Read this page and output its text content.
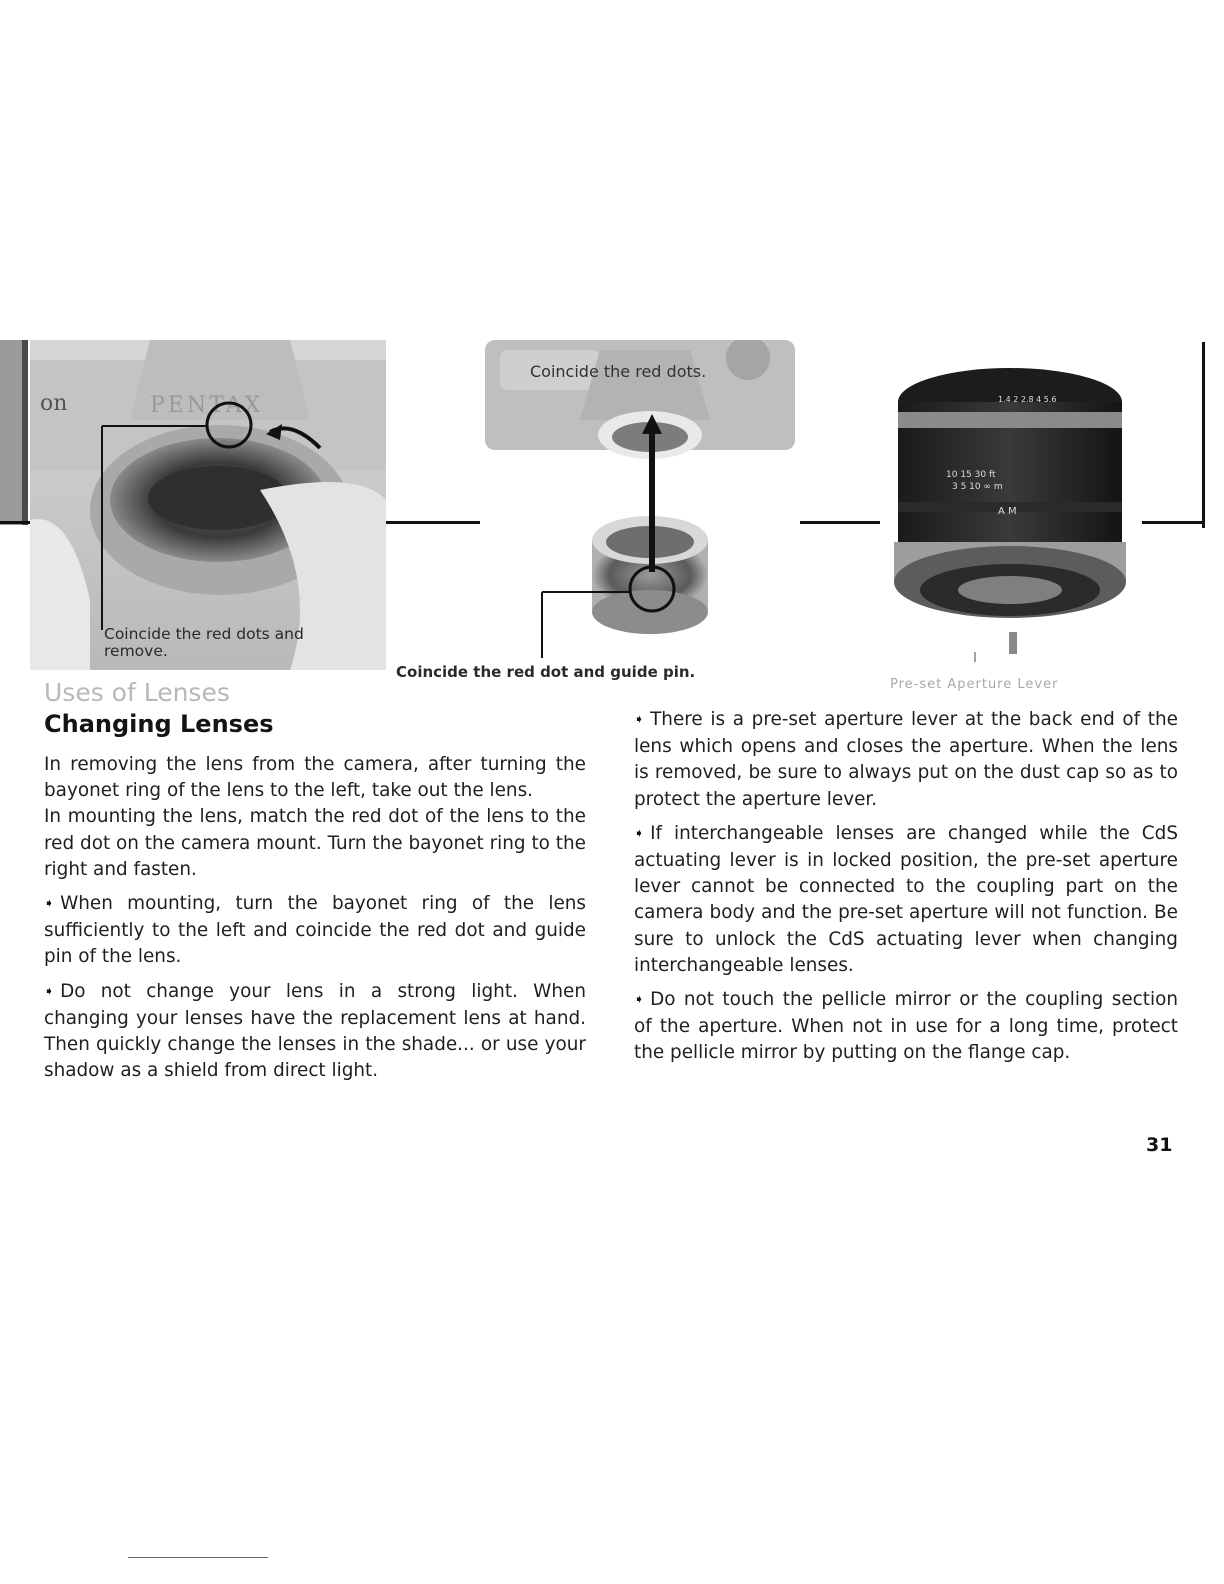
on	PENTAX
Coincide the red dots and remove.
Coincide the red dots.
Coincide the red dot and guide pin.
1.4 2 2.8 4 5.6
10 15 30 ft
3 5 10 ∞ m
A M
Pre-set Aperture Lever
Uses of Lenses
Changing Lenses

In removing the lens from the camera, after turning the bayonet ring of the lens to the left, take out the lens.

In mounting the lens, match the red dot of the lens to the red dot on the camera mount. Turn the bayonet ring to the right and fasten.

➧ When mounting, turn the bayonet ring of the lens sufficiently to the left and coincide the red dot and guide pin of the lens.

➧ Do not change your lens in a strong light. When changing your lenses have the replacement lens at hand. Then quickly change the lenses in the shade... or use your shadow as a shield from direct light.

➧ There is a pre-set aperture lever at the back end of the lens which opens and closes the aperture. When the lens is removed, be sure to always put on the dust cap so as to protect the aperture lever.

➧ If interchangeable lenses are changed while the CdS actuating lever is in locked position, the pre-set aperture lever cannot be connected to the coupling part on the camera body and the pre-set aperture will not function. Be sure to unlock the CdS actuating lever when changing interchangeable lenses.

➧ Do not touch the pellicle mirror or the coupling section of the aperture. When not in use for a long time, protect the pellicle mirror by putting on the flange cap.

31
